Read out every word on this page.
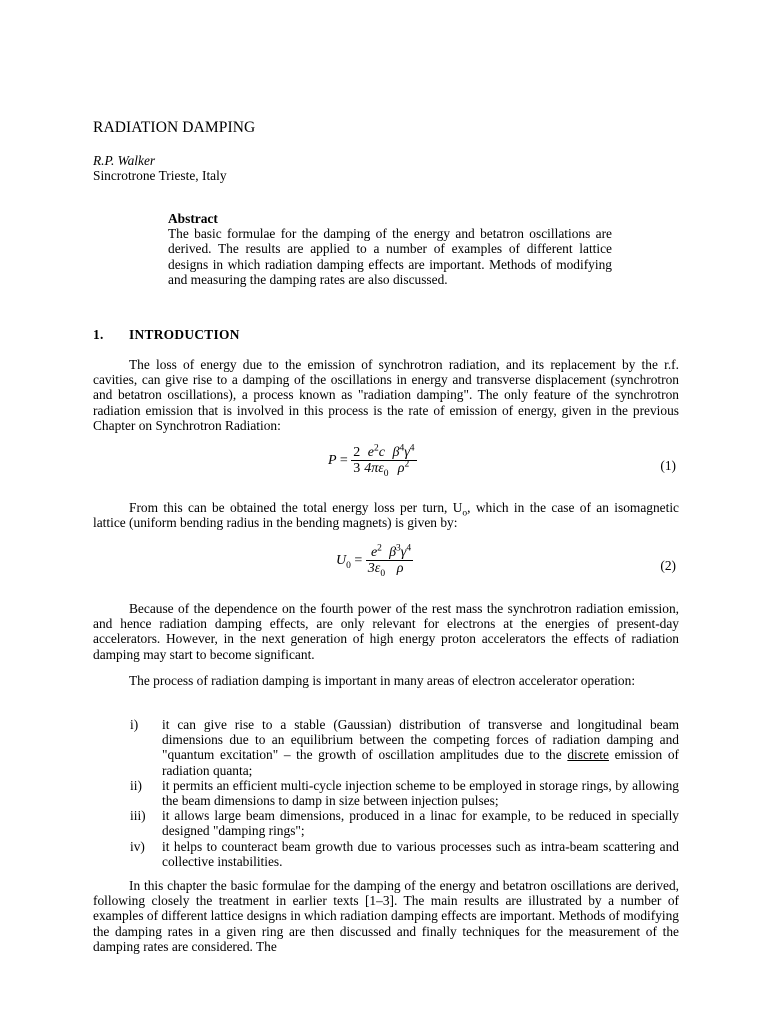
RADIATION DAMPING
R.P. Walker
Sincrotrone Trieste, Italy
Abstract
The basic formulae for the damping of the energy and betatron oscillations are derived. The results are applied to a number of examples of different lattice designs in which radiation damping effects are important. Methods of modifying and measuring the damping rates are also discussed.
1. INTRODUCTION

The loss of energy due to the emission of synchrotron radiation, and its replacement by the r.f. cavities, can give rise to a damping of the oscillations in energy and transverse displacement (synchrotron and betatron oscillations), a process known as "radiation damping". The only feature of the synchrotron radiation emission that is involved in this process is the rate of emission of energy, given in the previous Chapter on Synchrotron Radiation:

$P = \frac{2}{3} \frac{e^2c}{4\pi\varepsilon_0} \frac{\beta^4\gamma^4}{\rho^2}$	(1)

From this can be obtained the total energy loss per turn, $U_o$, which in the case of an isomagnetic lattice (uniform bending radius in the bending magnets) is given by:

$U_0 = \frac{e^2}{3\varepsilon_0} \frac{\beta^3\gamma^4}{\rho}$	(2)

Because of the dependence on the fourth power of the rest mass the synchrotron radiation emission, and hence radiation damping effects, are only relevant for electrons at the energies of present-day accelerators. However, in the next generation of high energy proton accelerators the effects of radiation damping may start to become significant.

The process of radiation damping is important in many areas of electron accelerator operation:

i) it can give rise to a stable (Gaussian) distribution of transverse and longitudinal beam dimensions due to an equilibrium between the competing forces of radiation damping and "quantum excitation" – the growth of oscillation amplitudes due to the discrete emission of radiation quanta;
ii) it permits an efficient multi-cycle injection scheme to be employed in storage rings, by allowing the beam dimensions to damp in size between injection pulses;
iii) it allows large beam dimensions, produced in a linac for example, to be reduced in specially designed "damping rings";
iv) it helps to counteract beam growth due to various processes such as intra-beam scattering and collective instabilities.

In this chapter the basic formulae for the damping of the energy and betatron oscillations are derived, following closely the treatment in earlier texts [1–3]. The main results are illustrated by a number of examples of different lattice designs in which radiation damping effects are important. Methods of modifying the damping rates in a given ring are then discussed and finally techniques for the measurement of the damping rates are considered. The
